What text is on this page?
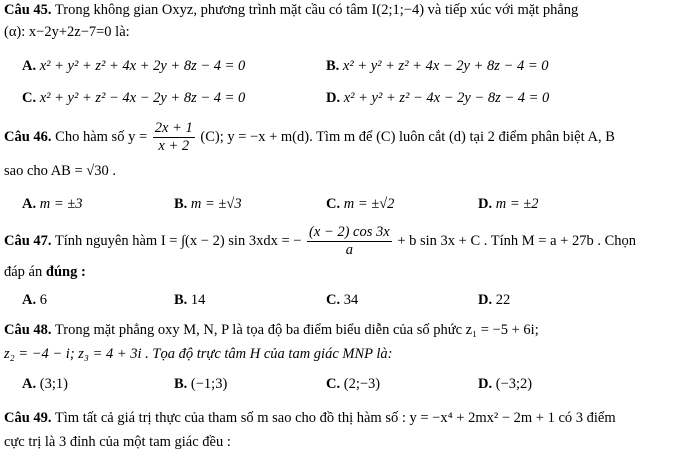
Câu 45. Trong không gian Oxyz, phương trình mặt cầu có tâm I(2;1;−4) và tiếp xúc với mặt phẳng
(α): x−2y+2z−7=0 là:
A. x² + y² + z² + 4x + 2y + 8z − 4 = 0	B. x² + y² + z² + 4x − 2y + 8z − 4 = 0
C. x² + y² + z² − 4x − 2y + 8z − 4 = 0	D. x² + y² + z² − 4x − 2y − 8z − 4 = 0
Câu 46. Cho hàm số $y = \frac{2x + 1}{x + 2} (C)$; y = −x + m(d). Tìm m để (C) luôn cắt (d) tại 2 điểm phân biệt A, B
sao cho AB = √30 .
A. m = ±3	B. m = ±√3	C. m = ±√2	D. m = ±2
Câu 47. Tính nguyên hàm I = ∫(x − 2) sin 3xdx = − $\frac{(x - 2) \cos 3x}{a} + b$ sin 3x + C . Tính M = a + 27b . Chọn
đáp án đúng :
A. 6	B. 14	C. 34	D. 22
Câu 48. Trong mặt phẳng oxy M, N, P là tọa độ ba điểm biểu diễn của số phức z₁ = −5 + 6i;
z₂ = −4 − i; z₃ = 4 + 3i . Tọa độ trực tâm H của tam giác MNP là:
A. (3;1)	B. (−1;3)	C. (2;−3)	D. (−3;2)
Câu 49. Tìm tất cả giá trị thực của tham số m sao cho đồ thị hàm số : y = −x⁴ + 2mx² − 2m + 1 có 3 điểm
cực trị là 3 đỉnh của một tam giác đều :
